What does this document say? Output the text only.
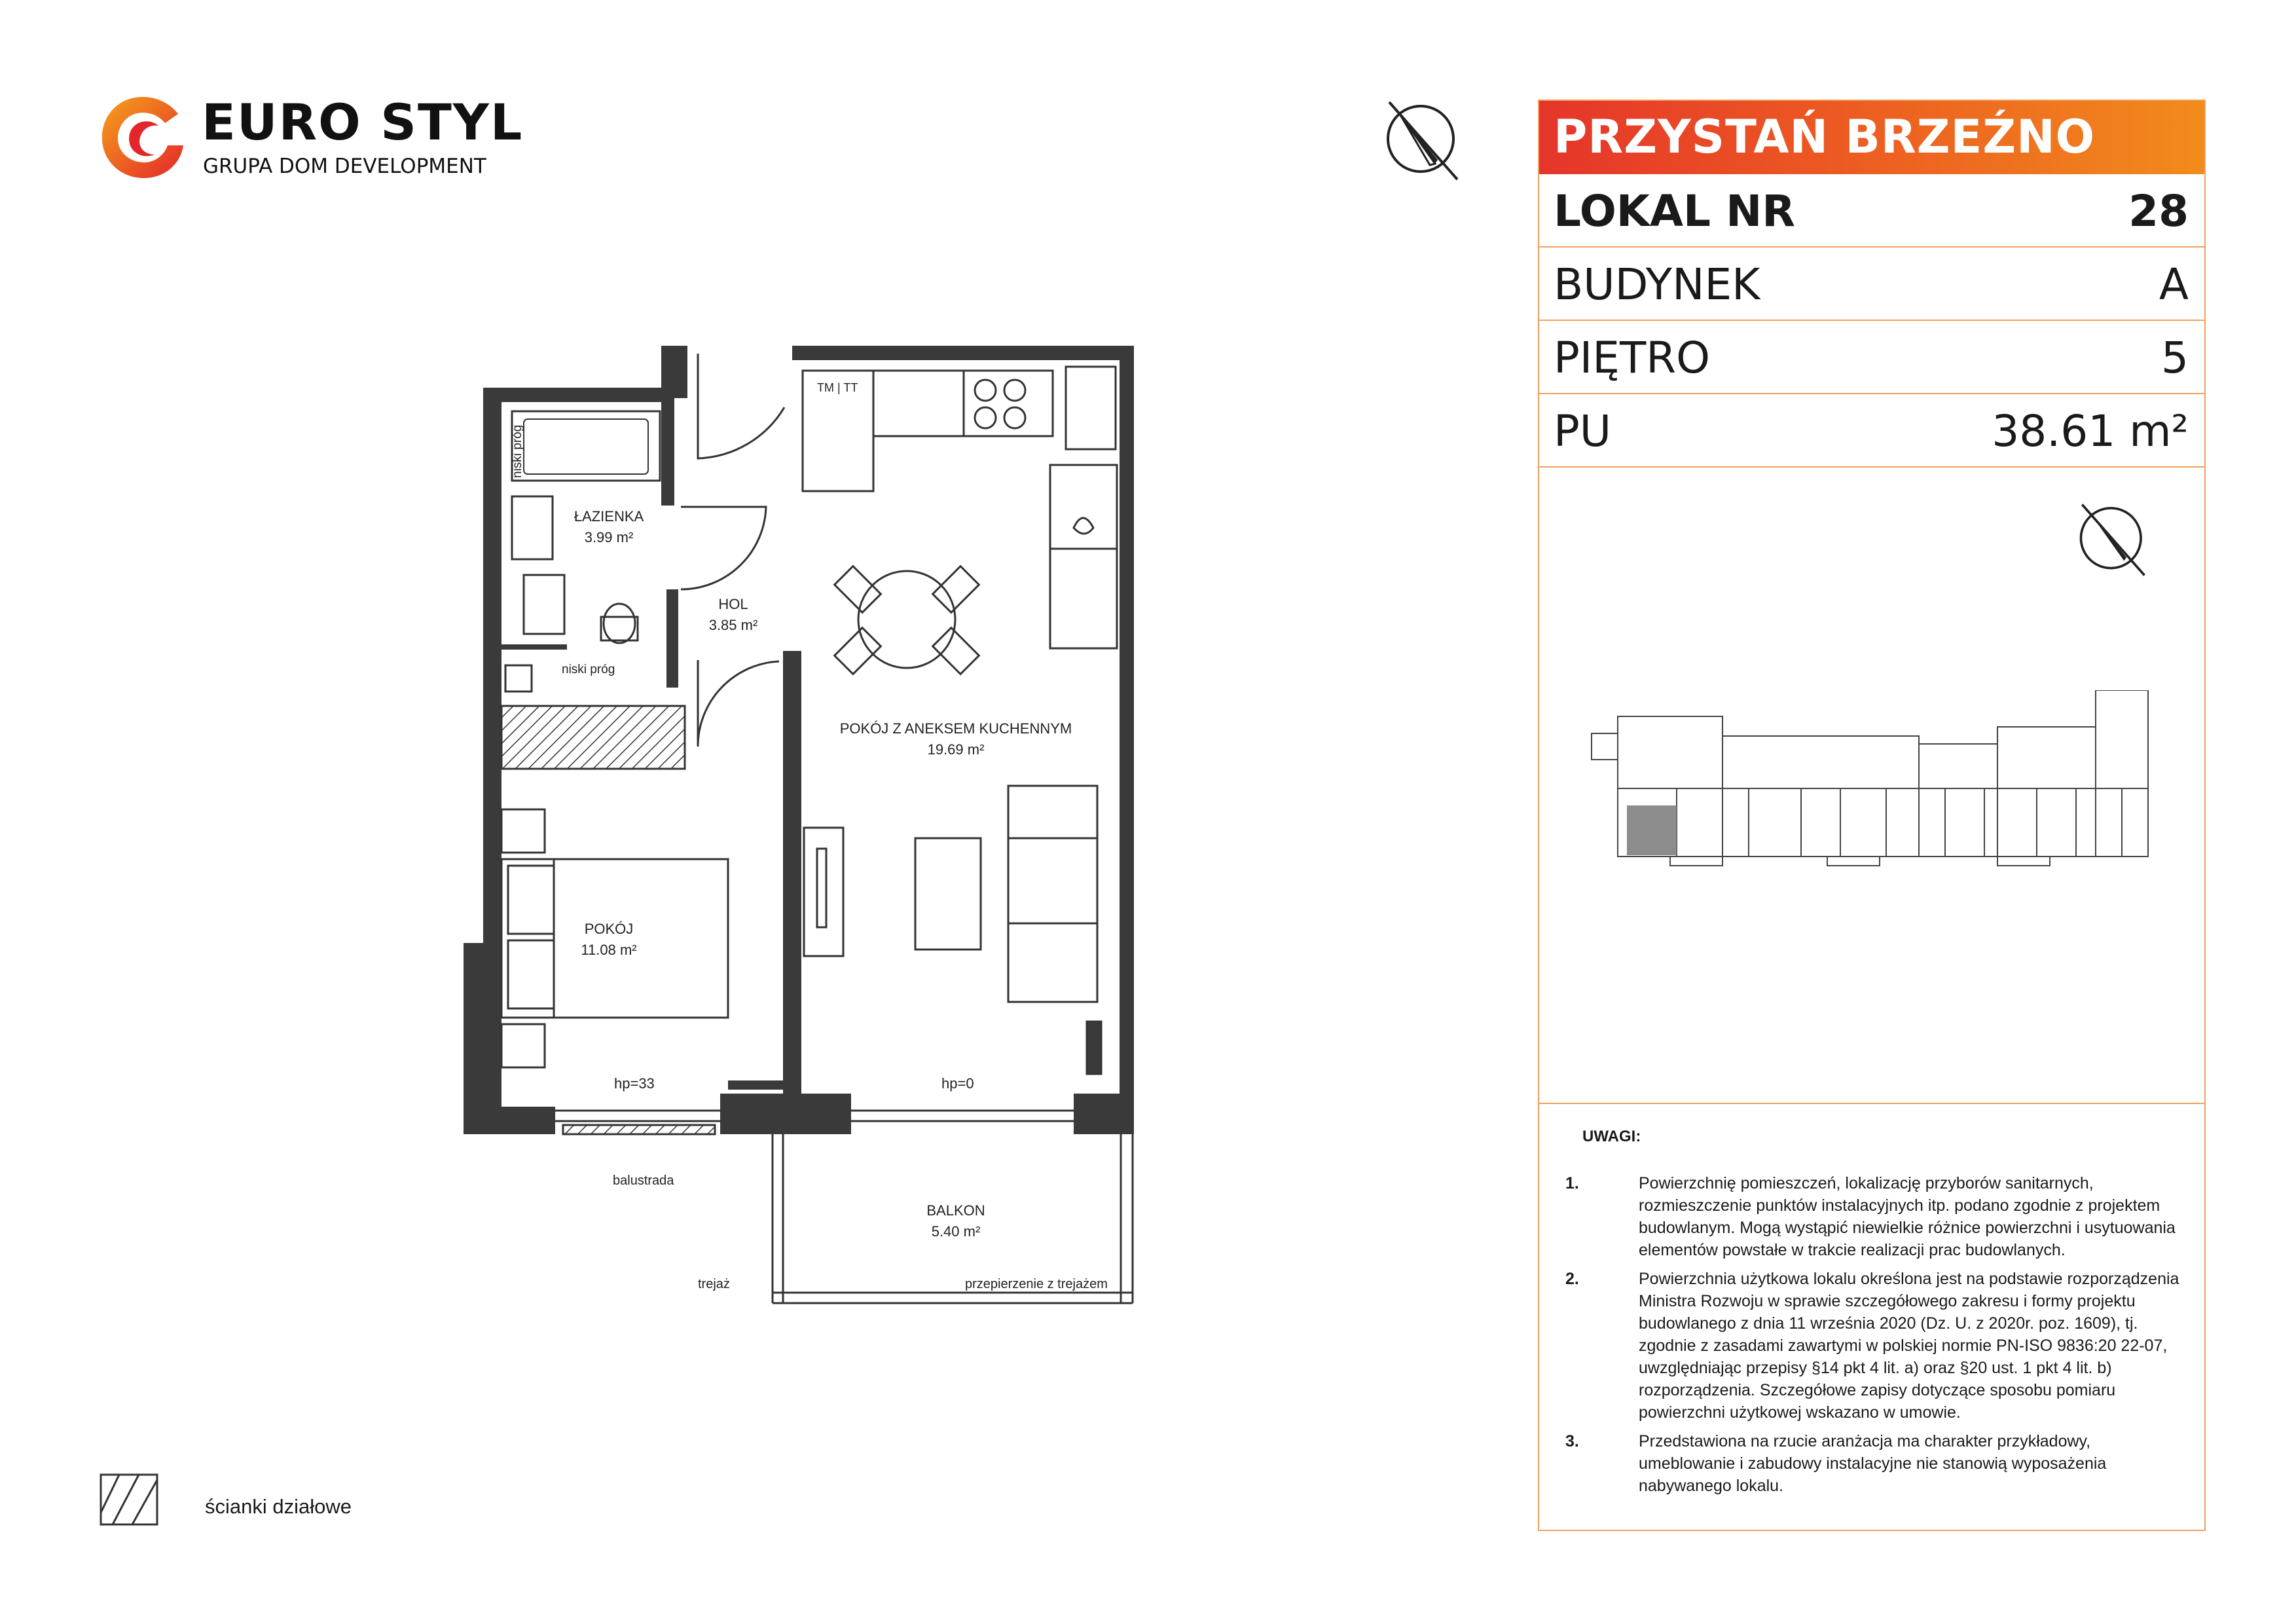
EURO STYL
GRUPA DOM DEVELOPMENT
ŁAZIENKA
3.99 m²
HOL
3.85 m²
POKÓJ Z ANEKSEM KUCHENNYM
19.69 m²
POKÓJ
11.08 m²
BALKON
5.40 m²
TM | TT
niski próg
niski próg
hp=33	hp=0
balustrada
trejaż	przepierzenie z trejażem
ścianki działowe
PRZYSTAŃ BRZEŹNO
LOKAL NR	28
BUDYNEK	A
PIĘTRO	5
PU	38.61 m²
UWAGI:
1.	Powierzchnię pomieszczeń, lokalizację przyborów sanitarnych, rozmieszczenie punktów instalacyjnych itp. podano zgodnie z projektem budowlanym. Mogą wystąpić niewielkie różnice powierzchni i usytuowania elementów powstałe w trakcie realizacji prac budowlanych.
2.	Powierzchnia użytkowa lokalu określona jest na podstawie rozporządzenia Ministra Rozwoju w sprawie szczegółowego zakresu i formy projektu budowlanego z dnia 11 września 2020 (Dz. U. z 2020r. poz. 1609), tj. zgodnie z zasadami zawartymi w polskiej normie PN-ISO 9836:20 22-07, uwzględniając przepisy §14 pkt 4 lit. a) oraz §20 ust. 1 pkt 4 lit. b) rozporządzenia. Szczegółowe zapisy dotyczące sposobu pomiaru powierzchni użytkowej wskazano w umowie.
3.	Przedstawiona na rzucie aranżacja ma charakter przykładowy, umeblowanie i zabudowy instalacyjne nie stanowią wyposażenia nabywanego lokalu.
